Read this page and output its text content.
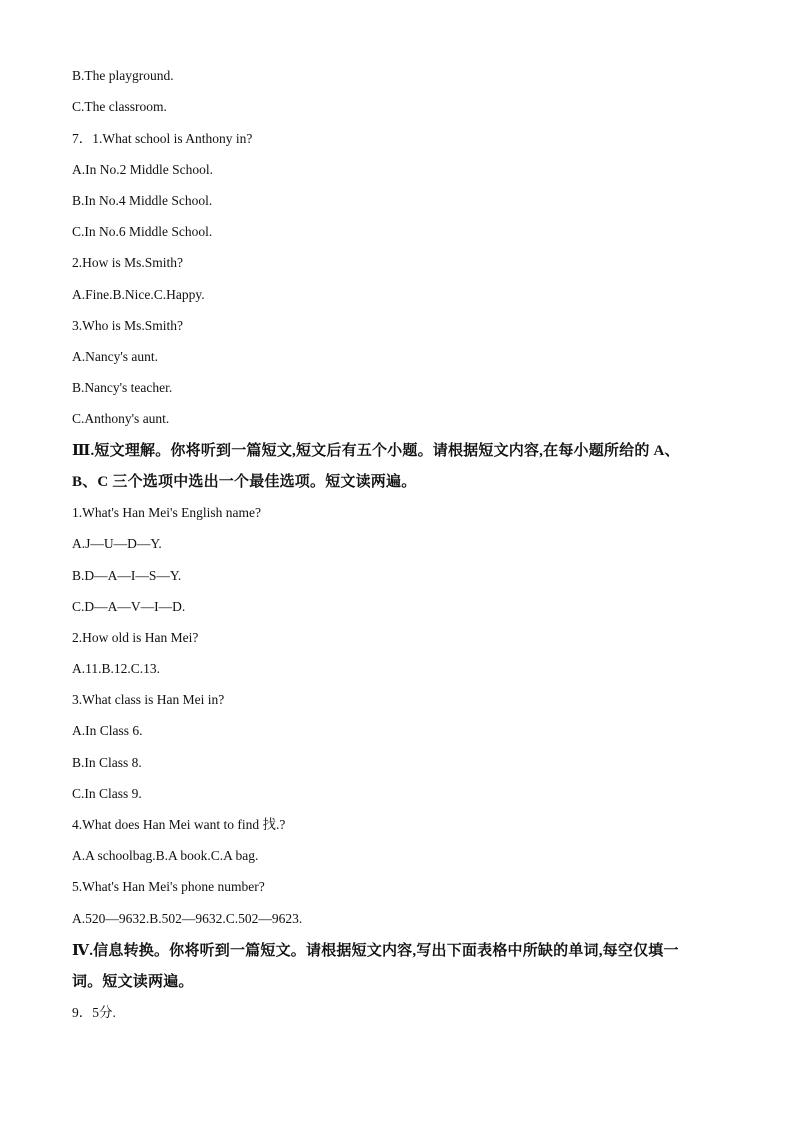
B.The playground.
C.The classroom.
7．1.What school is Anthony in?
A.In No.2 Middle School.
B.In No.4 Middle School.
C.In No.6 Middle School.
2.How is Ms.Smith?
A.Fine.B.Nice.C.Happy.
3.Who is Ms.Smith?
A.Nancy's aunt.
B.Nancy's teacher.
C.Anthony's aunt.
Ⅲ.短文理解。你将听到一篇短文,短文后有五个小题。请根据短文内容,在每小题所给的 A、
B、C 三个选项中选出一个最佳选项。短文读两遍。
1.What's Han Mei's English name?
A.J—U—D—Y.
B.D—A—I—S—Y.
C.D—A—V—I—D.
2.How old is Han Mei?
A.11.B.12.C.13.
3.What class is Han Mei in?
A.In Class 6.
B.In Class 8.
C.In Class 9.
4.What does Han Mei want to find 找.?
A.A schoolbag.B.A book.C.A bag.
5.What's Han Mei's phone number?
A.520—9632.B.502—9632.C.502—9623.
Ⅳ.信息转换。你将听到一篇短文。请根据短文内容,写出下面表格中所缺的单词,每空仅填一
词。短文读两遍。
9．5分.
